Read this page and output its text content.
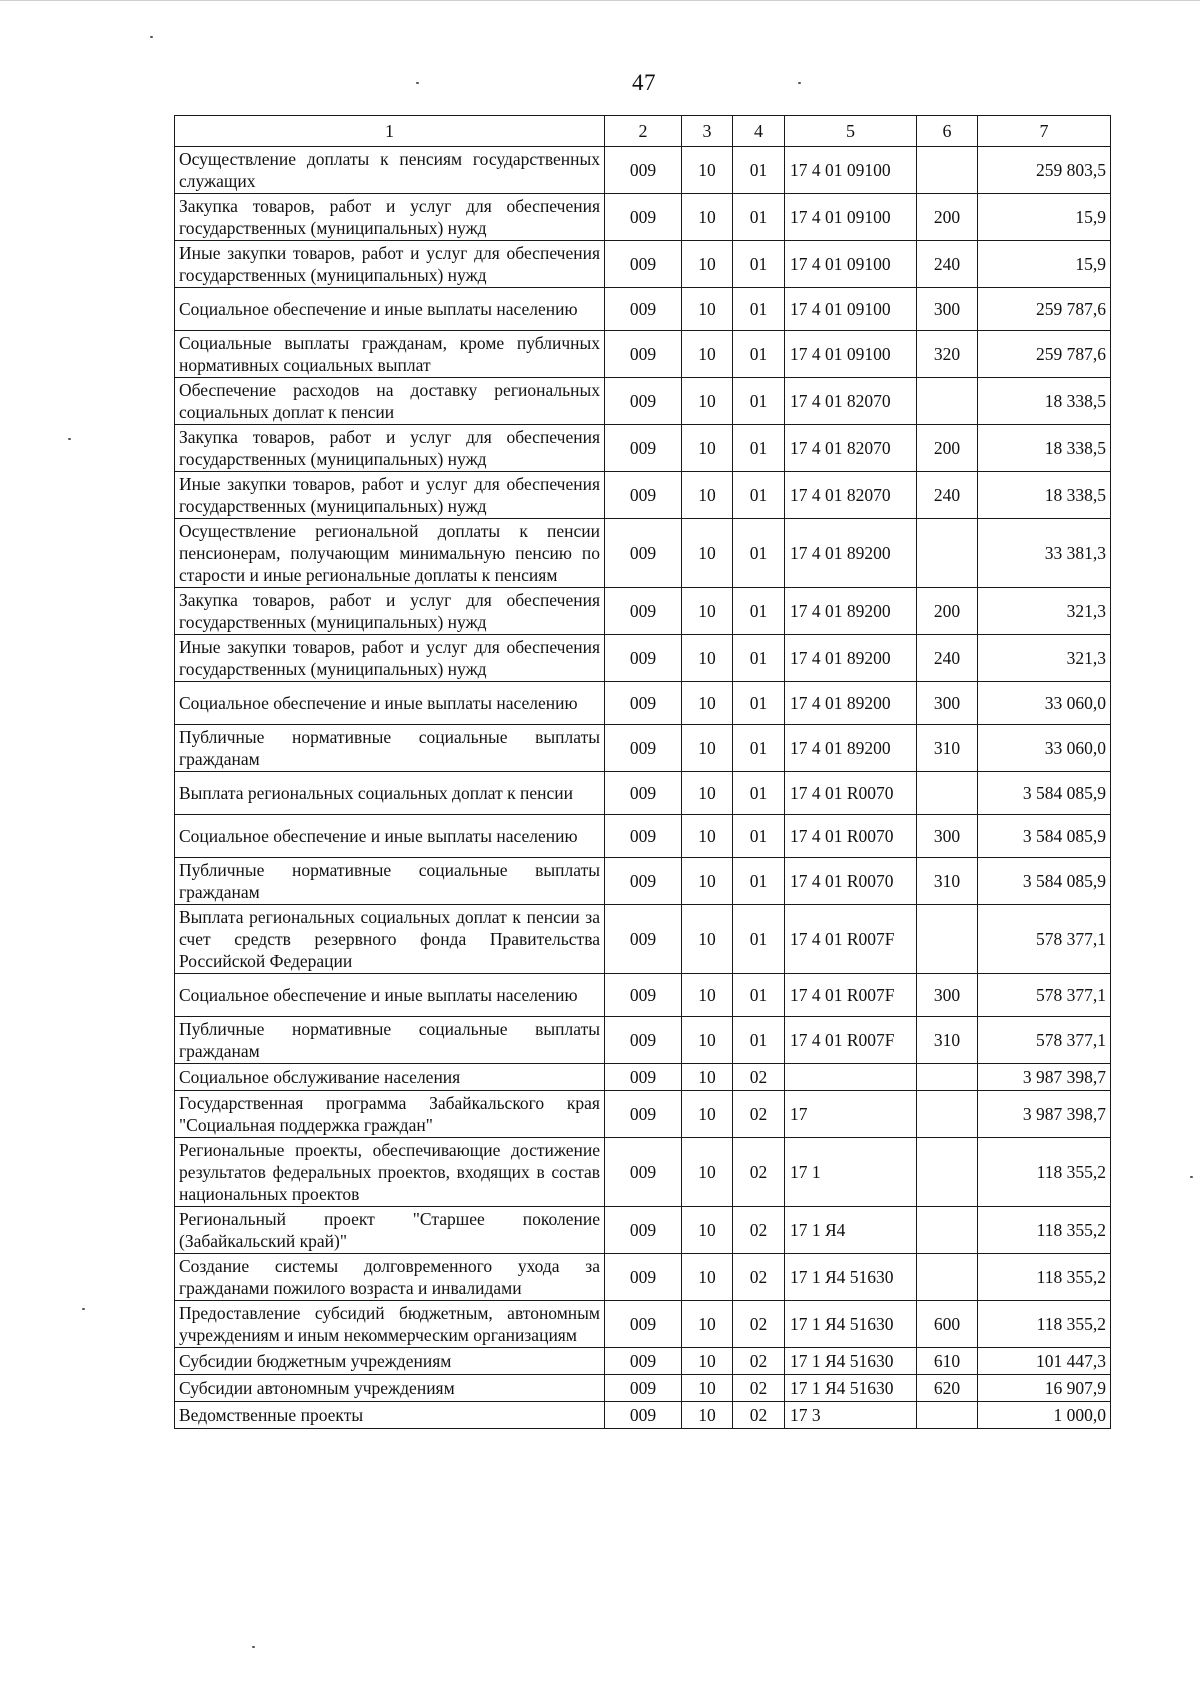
47
1	2	3	4	5	6	7
Осуществление доплаты к пенсиям государственных служащих	009	10	01	17 4 01 09100		259 803,5
Закупка товаров, работ и услуг для обеспечения государственных (муниципальных) нужд	009	10	01	17 4 01 09100	200	15,9
Иные закупки товаров, работ и услуг для обеспечения государственных (муниципальных) нужд	009	10	01	17 4 01 09100	240	15,9
Социальное обеспечение и иные выплаты населению	009	10	01	17 4 01 09100	300	259 787,6
Социальные выплаты гражданам, кроме публичных нормативных социальных выплат	009	10	01	17 4 01 09100	320	259 787,6
Обеспечение расходов на доставку региональных социальных доплат к пенсии	009	10	01	17 4 01 82070		18 338,5
Закупка товаров, работ и услуг для обеспечения государственных (муниципальных) нужд	009	10	01	17 4 01 82070	200	18 338,5
Иные закупки товаров, работ и услуг для обеспечения государственных (муниципальных) нужд	009	10	01	17 4 01 82070	240	18 338,5
Осуществление региональной доплаты к пенсии пенсионерам, получающим минимальную пенсию по старости и иные региональные доплаты к пенсиям	009	10	01	17 4 01 89200		33 381,3
Закупка товаров, работ и услуг для обеспечения государственных (муниципальных) нужд	009	10	01	17 4 01 89200	200	321,3
Иные закупки товаров, работ и услуг для обеспечения государственных (муниципальных) нужд	009	10	01	17 4 01 89200	240	321,3
Социальное обеспечение и иные выплаты населению	009	10	01	17 4 01 89200	300	33 060,0
Публичные нормативные социальные выплаты гражданам	009	10	01	17 4 01 89200	310	33 060,0
Выплата региональных социальных доплат к пенсии	009	10	01	17 4 01 R0070		3 584 085,9
Социальное обеспечение и иные выплаты населению	009	10	01	17 4 01 R0070	300	3 584 085,9
Публичные нормативные социальные выплаты гражданам	009	10	01	17 4 01 R0070	310	3 584 085,9
Выплата региональных социальных доплат к пенсии за счет средств резервного фонда Правительства Российской Федерации	009	10	01	17 4 01 R007F		578 377,1
Социальное обеспечение и иные выплаты населению	009	10	01	17 4 01 R007F	300	578 377,1
Публичные нормативные социальные выплаты гражданам	009	10	01	17 4 01 R007F	310	578 377,1
Социальное обслуживание населения	009	10	02			3 987 398,7
Государственная программа Забайкальского края "Социальная поддержка граждан"	009	10	02	17		3 987 398,7
Региональные проекты, обеспечивающие достижение результатов федеральных проектов, входящих в состав национальных проектов	009	10	02	17 1		118 355,2
Региональный проект "Старшее поколение (Забайкальский край)"	009	10	02	17 1 Я4		118 355,2
Создание системы долговременного ухода за гражданами пожилого возраста и инвалидами	009	10	02	17 1 Я4 51630		118 355,2
Предоставление субсидий бюджетным, автономным учреждениям и иным некоммерческим организациям	009	10	02	17 1 Я4 51630	600	118 355,2
Субсидии бюджетным учреждениям	009	10	02	17 1 Я4 51630	610	101 447,3
Субсидии автономным учреждениям	009	10	02	17 1 Я4 51630	620	16 907,9
Ведомственные проекты	009	10	02	17 3		1 000,0
